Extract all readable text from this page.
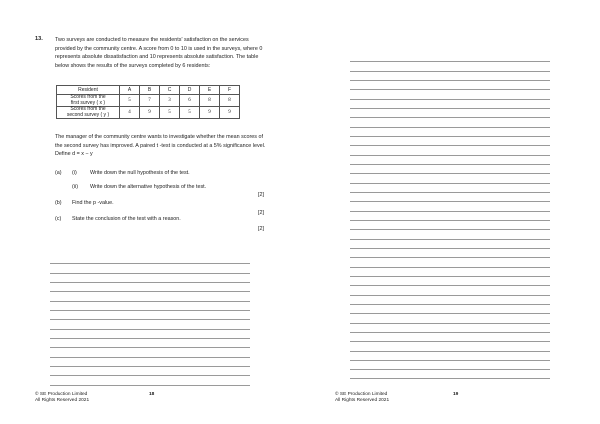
13. Two surveys are conducted to measure the residents' satisfaction on the services provided by the community centre. A score from 0 to 10 is used in the surveys, where 0 represents absolute dissatisfaction and 10 represents absolute satisfaction. The table below shows the results of the surveys completed by 6 residents:
Resident	A	B	C	D	E	F
Scores from the
first survey ( x )	5	7	3	6	8	8
Scores from the
second survey ( y )	4	9	5	5	9	9
The manager of the community centre wants to investigate whether the mean scores of the second survey has improved. A paired t -test is conducted at a 5% significance level. Define d = x − y
(a) (i) Write down the null hypothesis of the test.
(ii) Write down the alternative hypothesis of the test.
[2]
(b) Find the p -value.
[2]
(c) State the conclusion of the test with a reason.
[2]
© SE Production Limited
All Rights Reserved 2021
18	© SE Production Limited
All Rights Reserved 2021
19
